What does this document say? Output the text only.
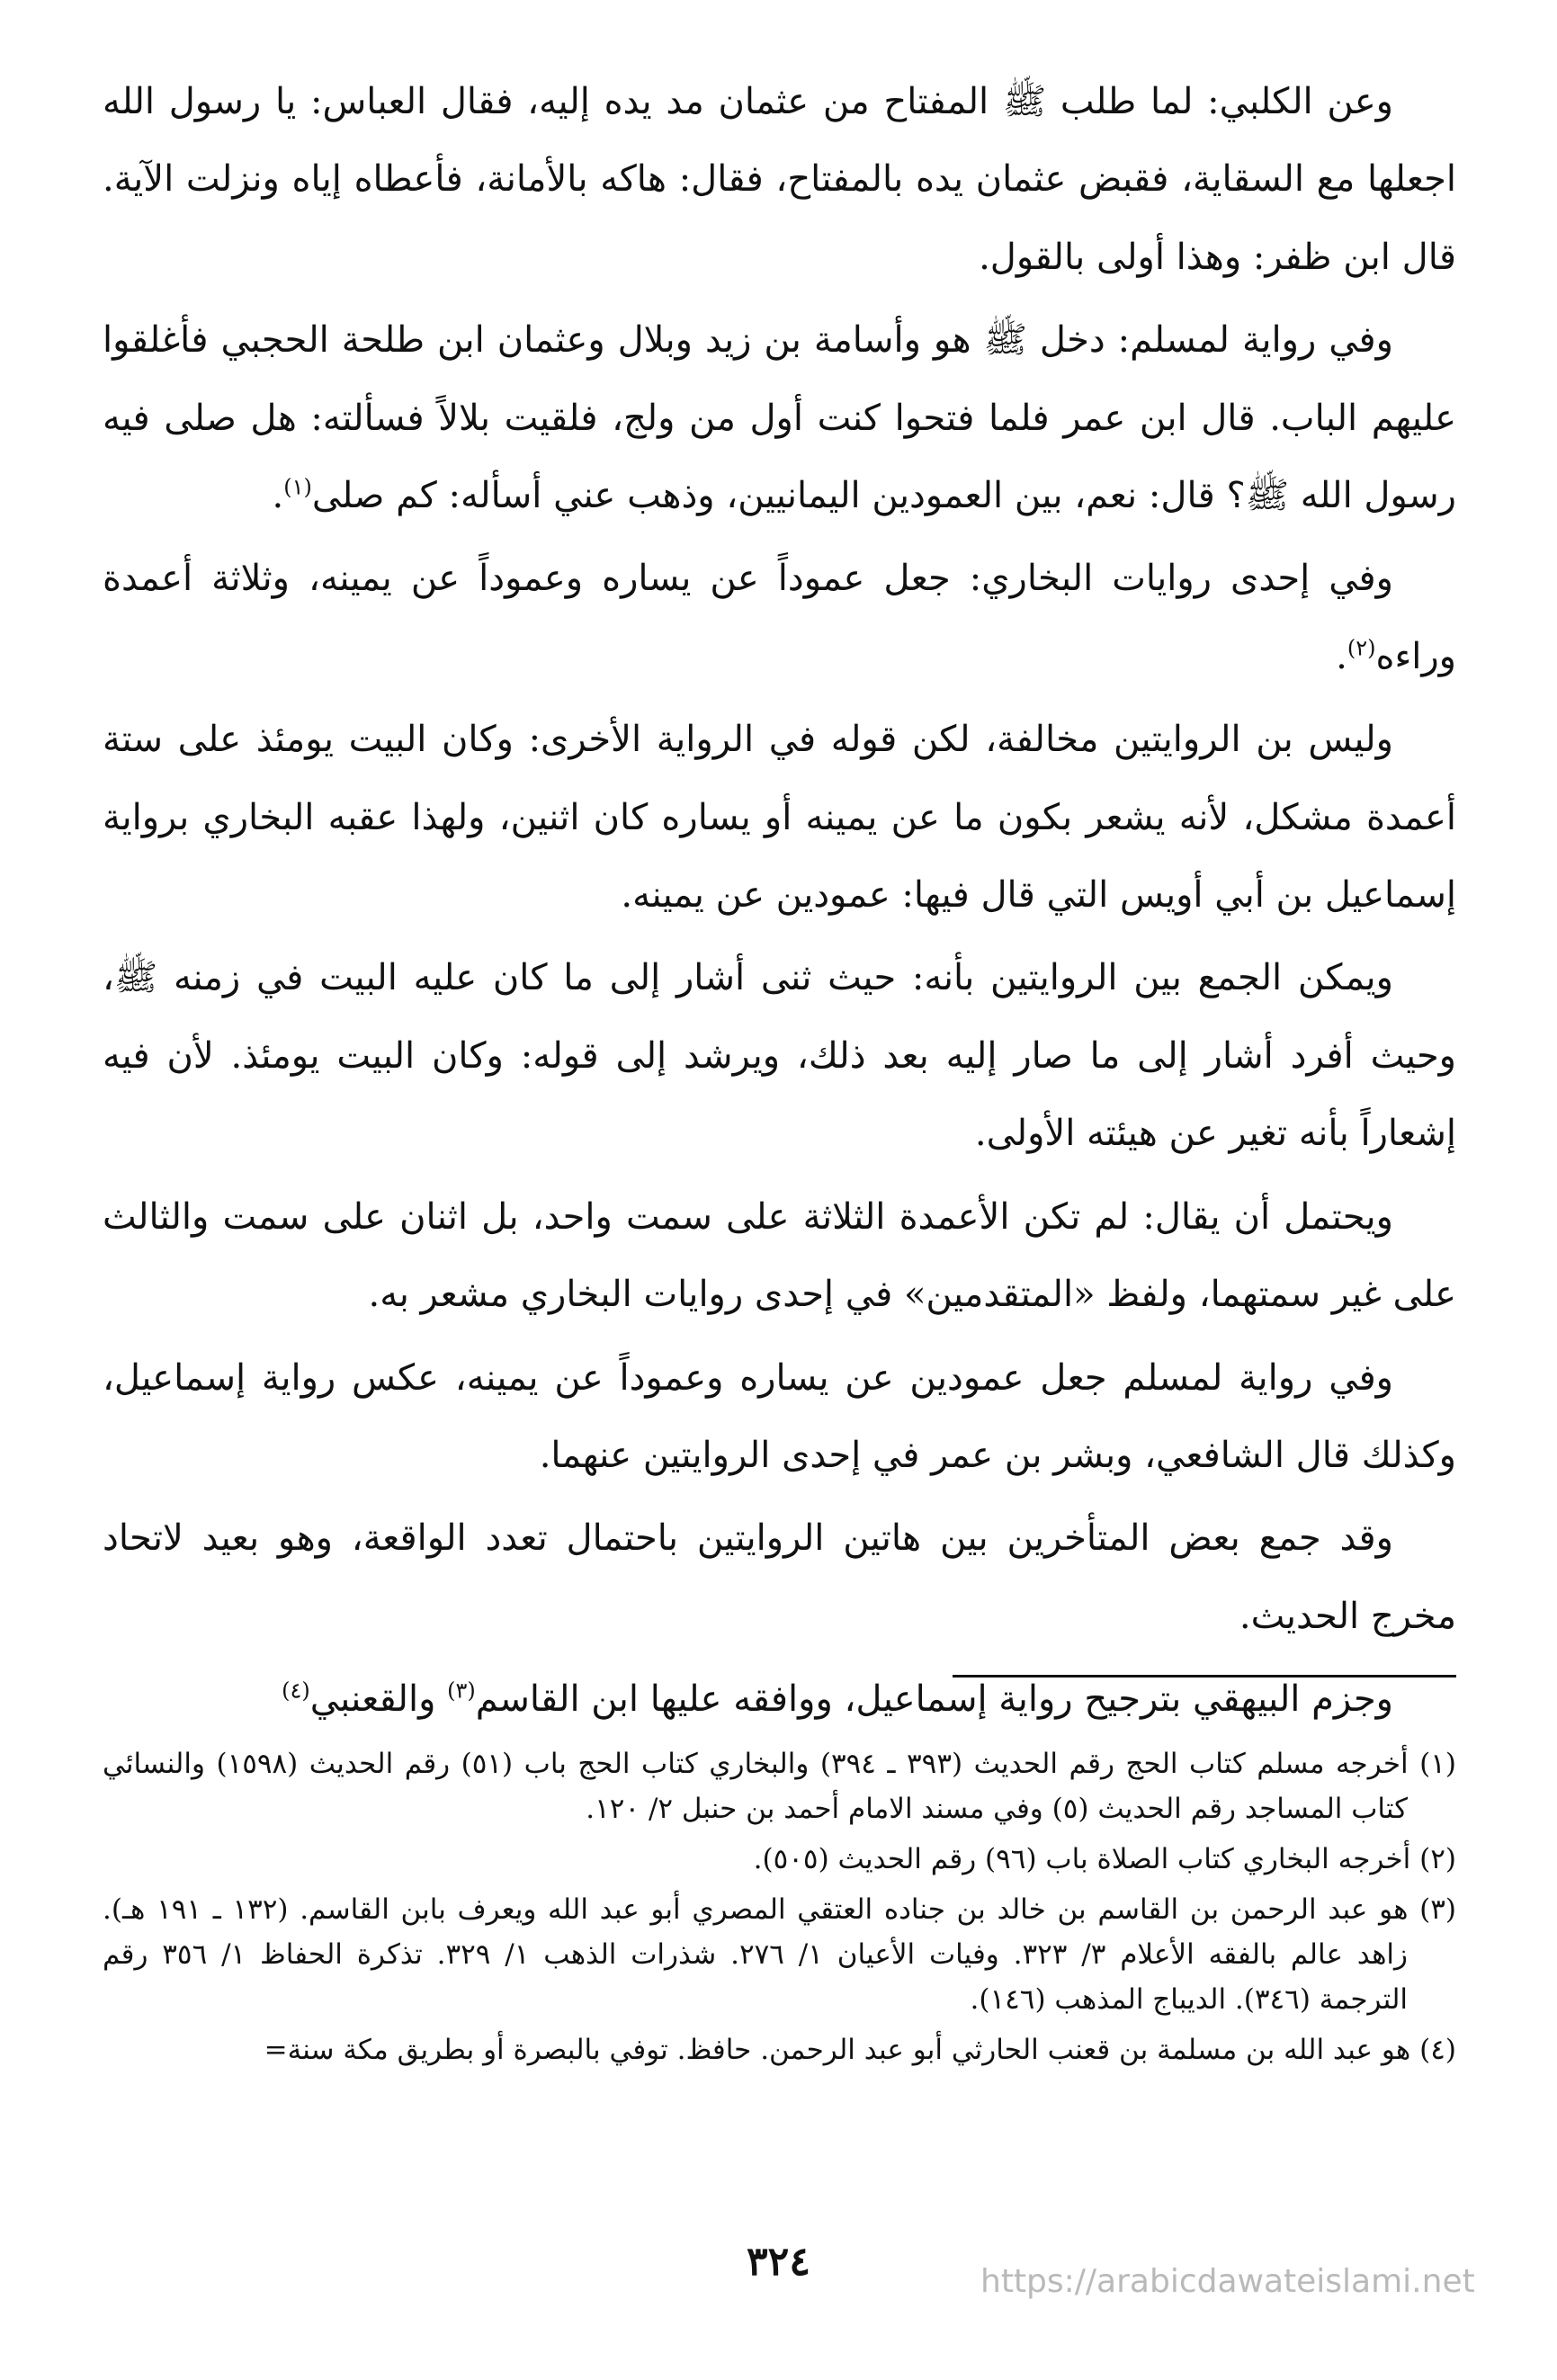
وعن الكلبي: لما طلب ﷺ المفتاح من عثمان مد يده إليه، فقال العباس: يا رسول الله اجعلها مع السقاية، فقبض عثمان يده بالمفتاح، فقال: هاكه بالأمانة، فأعطاه إياه ونزلت الآية. قال ابن ظفر: وهذا أولى بالقول.

وفي رواية لمسلم: دخل ﷺ هو وأسامة بن زيد وبلال وعثمان ابن طلحة الحجبي فأغلقوا عليهم الباب. قال ابن عمر فلما فتحوا كنت أول من ولج، فلقيت بلالاً فسألته: هل صلى فيه رسول الله ﷺ؟ قال: نعم، بين العمودين اليمانيين، وذهب عني أسأله: كم صلى$^{(١)}$.

وفي إحدى روايات البخاري: جعل عموداً عن يساره وعموداً عن يمينه، وثلاثة أعمدة وراءه$^{(٢)}$.

وليس بن الروايتين مخالفة، لكن قوله في الرواية الأخرى: وكان البيت يومئذ على ستة أعمدة مشكل، لأنه يشعر بكون ما عن يمينه أو يساره كان اثنين، ولهذا عقبه البخاري برواية إسماعيل بن أبي أويس التي قال فيها: عمودين عن يمينه.

ويمكن الجمع بين الروايتين بأنه: حيث ثنى أشار إلى ما كان عليه البيت في زمنه ﷺ، وحيث أفرد أشار إلى ما صار إليه بعد ذلك، ويرشد إلى قوله: وكان البيت يومئذ. لأن فيه إشعاراً بأنه تغير عن هيئته الأولى.

ويحتمل أن يقال: لم تكن الأعمدة الثلاثة على سمت واحد، بل اثنان على سمت والثالث على غير سمتهما، ولفظ «المتقدمين» في إحدى روايات البخاري مشعر به.

وفي رواية لمسلم جعل عمودين عن يساره وعموداً عن يمينه، عكس رواية إسماعيل، وكذلك قال الشافعي، وبشر بن عمر في إحدى الروايتين عنهما.

وقد جمع بعض المتأخرين بين هاتين الروايتين باحتمال تعدد الواقعة، وهو بعيد لاتحاد مخرج الحديث.

وجزم البيهقي بترجيح رواية إسماعيل، ووافقه عليها ابن القاسم$^{(٣)}$ والقعنبي$^{(٤)}$

(١) أخرجه مسلم كتاب الحج رقم الحديث (٣٩٣ ـ ٣٩٤) والبخاري كتاب الحج باب (٥١) رقم الحديث (١٥٩٨) والنسائي كتاب المساجد رقم الحديث (٥) وفي مسند الامام أحمد بن حنبل ٢/ ١٢٠.

(٢) أخرجه البخاري كتاب الصلاة باب (٩٦) رقم الحديث (٥٠٥).

(٣) هو عبد الرحمن بن القاسم بن خالد بن جناده العتقي المصري أبو عبد الله ويعرف بابن القاسم. (١٣٢ ـ ١٩١ هـ). زاهد عالم بالفقه الأعلام ٣/ ٣٢٣. وفيات الأعيان ١/ ٢٧٦. شذرات الذهب ١/ ٣٢٩. تذكرة الحفاظ ١/ ٣٥٦ رقم الترجمة (٣٤٦). الديباج المذهب (١٤٦).

(٤) هو عبد الله بن مسلمة بن قعنب الحارثي أبو عبد الرحمن. حافظ. توفي بالبصرة أو بطريق مكة سنة=

٣٢٤	https://arabicdawateislami.net
